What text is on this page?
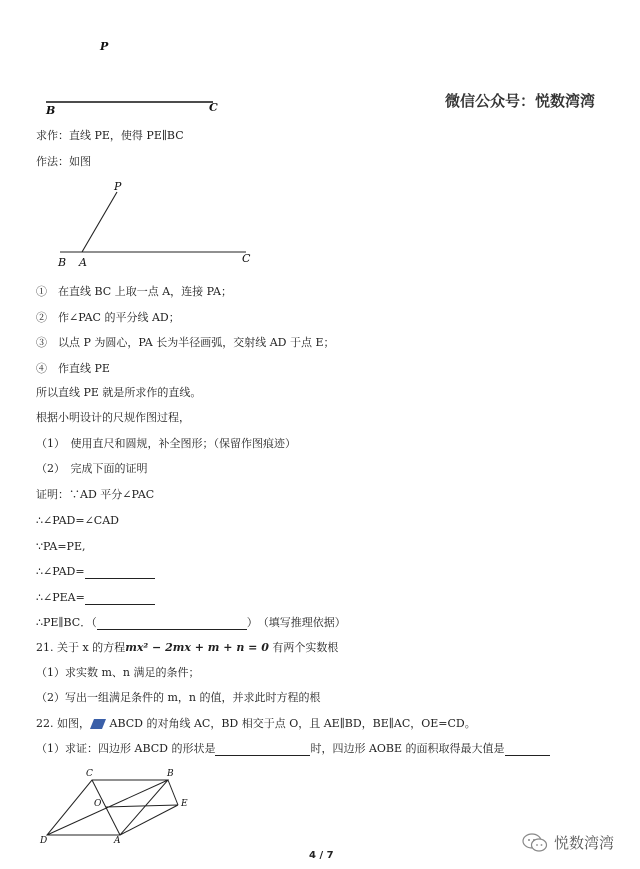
P
B	C	微信公众号：悦数湾湾
求作：直线 PE，使得 PE∥BC
作法：如图
P
B A	C
①　在直线 BC 上取一点 A，连接 PA；
②　作∠PAC 的平分线 AD；
③　以点 P 为圆心，PA 长为半径画弧，交射线 AD 于点 E；
④　作直线 PE
所以直线 PE 就是所求作的直线。
根据小明设计的尺规作图过程，
（1）　使用直尺和圆规，补全图形；（保留作图痕迹）
（2）　完成下面的证明
证明：∵AD 平分∠PAC
∴∠PAD=∠CAD
∵PA=PE,
∴∠PAD=
∴∠PEA=
∴PE∥BC．（	）　（填写推理依据）
21. 关于 x 的方程mx² − 2mx + m + n = 0 有两个实数根
（1）求实数 m、n 满足的条件；
（2）写出一组满足条件的 m，n 的值，并求此时方程的根
22. 如图， ABCD 的对角线 AC，BD 相交于点 O，且 AE∥BD，BE∥AC，OE=CD。
（1）求证：四边形 ABCD 的形状是	时，四边形 AOBE 的面积取得最大值是
C	B
O	E
D	A
4 / 7
悦数湾湾
